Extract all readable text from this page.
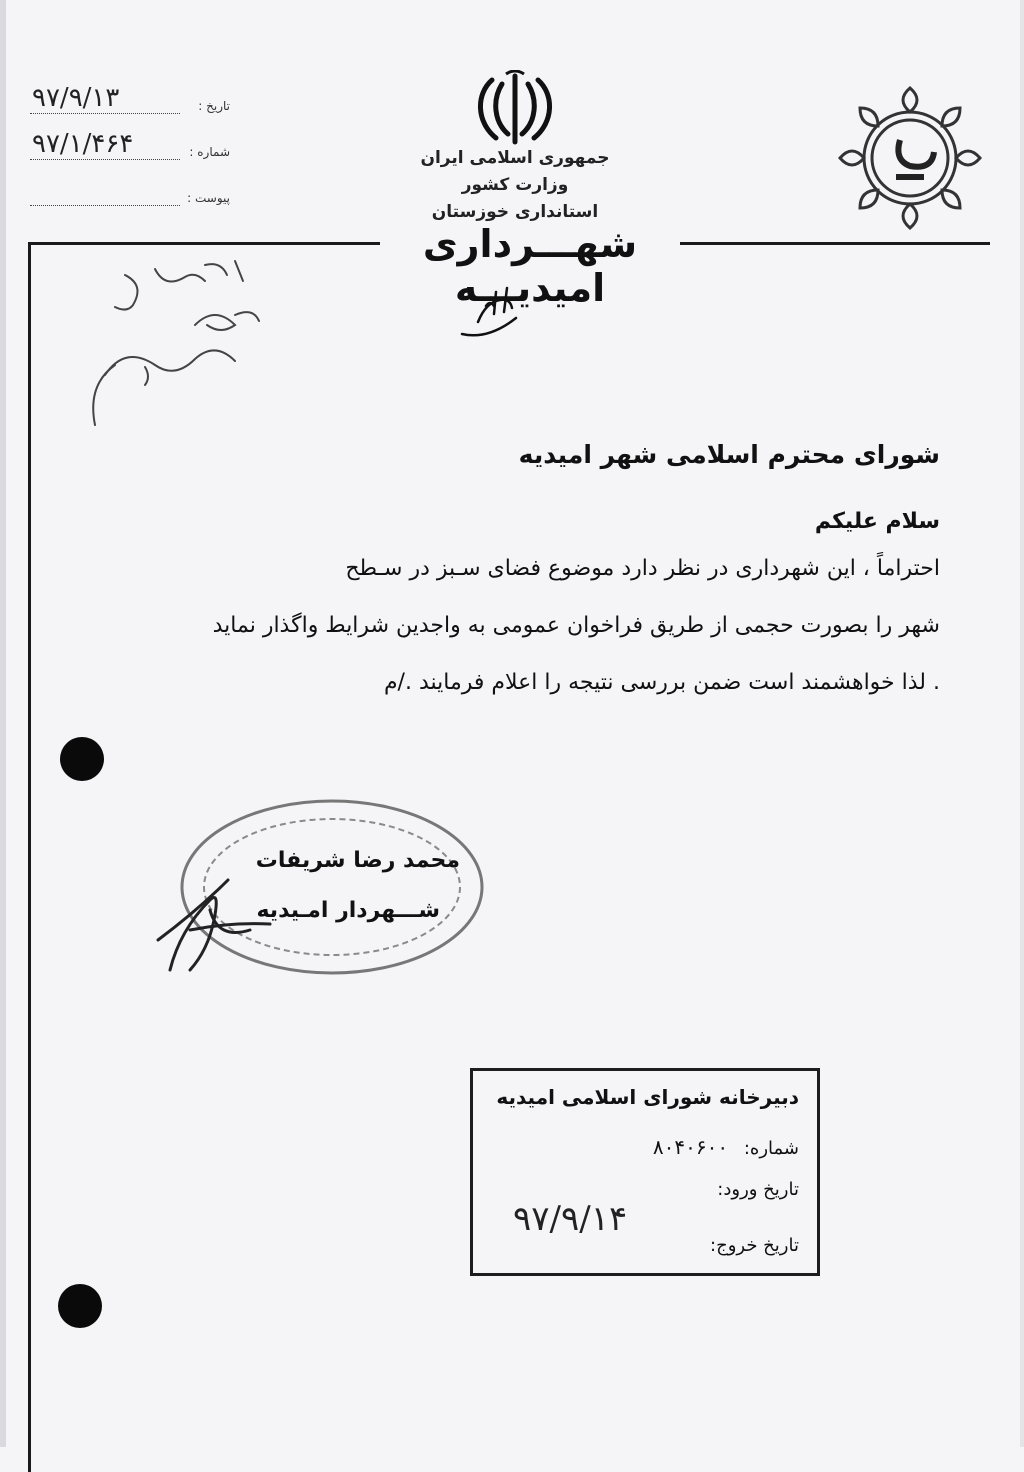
تاریخ :
۹۷/۹/۱۳
شماره :
۹۷/۱/۴۶۴
پیوست :
جمهوری اسلامی ایران
وزارت کشور
استانداری خوزستان
شهـــرداری امیدیـــه

شورای محترم اسلامی شهر امیدیه

سلام علیکم

احتراماً ، این شهرداری در نظر دارد موضوع فضای سـبز در سـطح

شهر را بصورت حجمی از طریق فراخوان عمومی به واجدین شرایط واگذار نماید

. لذا خواهشمند است ضمن بررسی نتیجه را اعلام فرمایند ./م

محمد رضا شریفات
شـــهردار امـیدیه
دبیرخانه شورای اسلامی امیدیه
شماره: ۸۰۴۰۶۰۰
تاریخ ورود:
۹۷/۹/۱۴
تاریخ خروج:
